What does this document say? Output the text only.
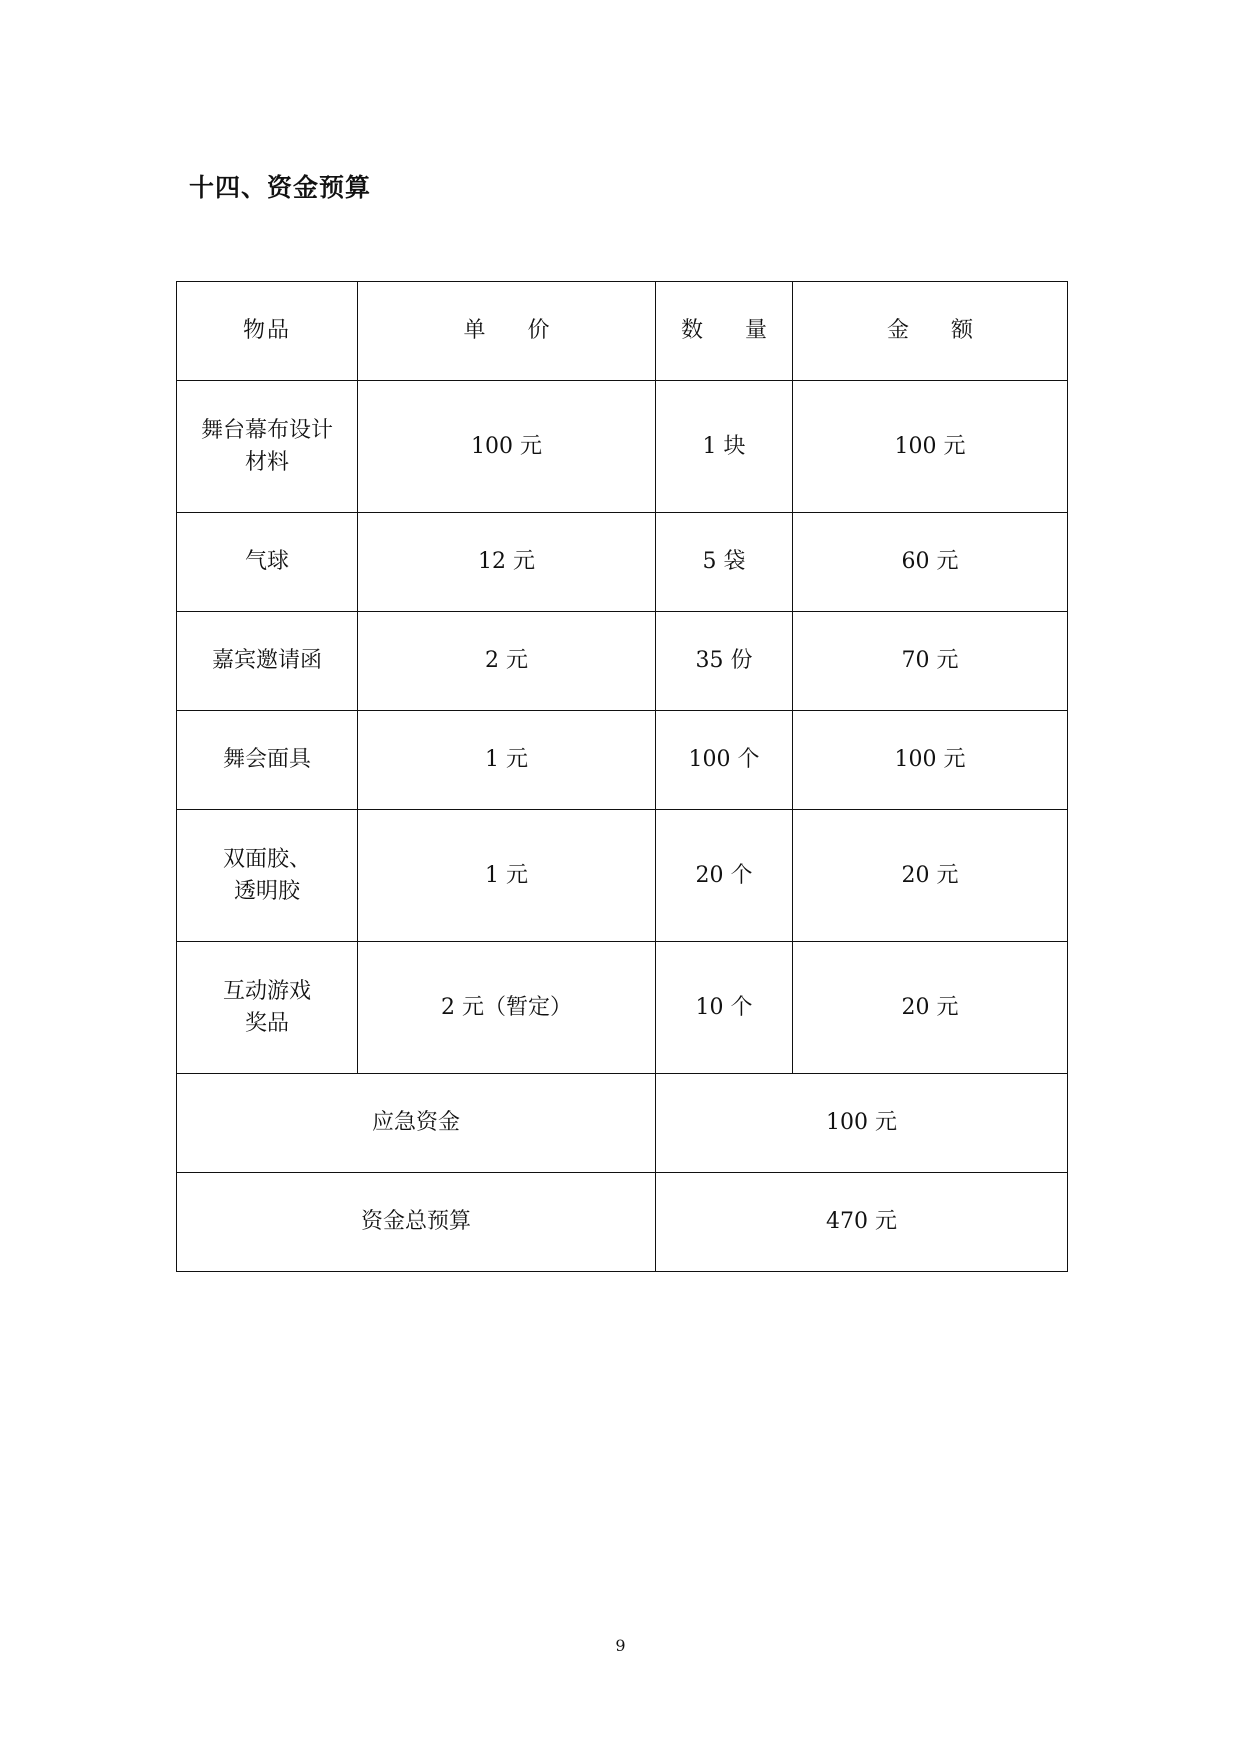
十四、资金预算
物品	单　价	数　量	金　额
舞台幕布设计
材料	100 元	1 块	100 元
气球	12 元	5 袋	60 元
嘉宾邀请函	2 元	35 份	70 元
舞会面具	1 元	100 个	100 元
双面胶、
透明胶	1 元	20 个	20 元
互动游戏
奖品	2 元（暂定）	10 个	20 元
应急资金		100 元	
资金总预算		470 元	
9
